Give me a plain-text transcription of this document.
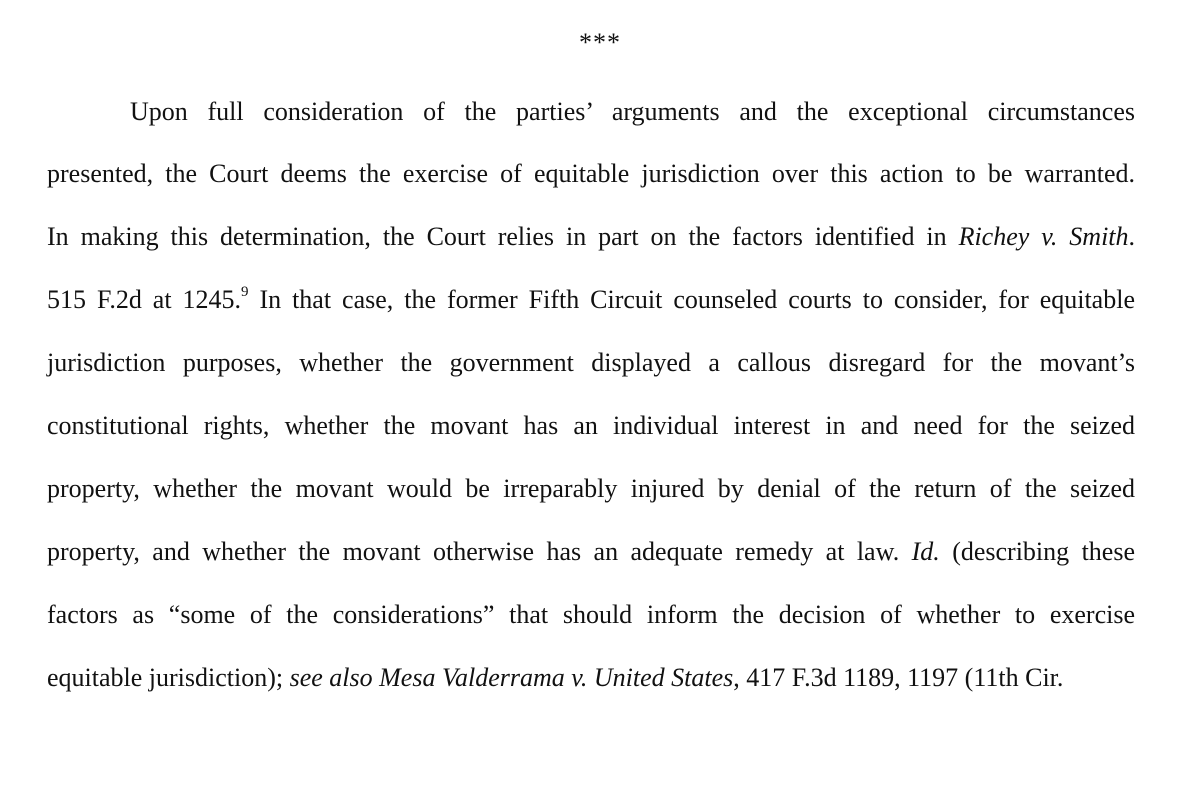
***
Upon full consideration of the parties’ arguments and the exceptional circumstances
presented, the Court deems the exercise of equitable jurisdiction over this action to be warranted.
In making this determination, the Court relies in part on the factors identified in Richey v. Smith.
515 F.2d at 1245.$^9$ In that case, the former Fifth Circuit counseled courts to consider, for equitable
jurisdiction purposes, whether the government displayed a callous disregard for the movant’s
constitutional rights, whether the movant has an individual interest in and need for the seized
property, whether the movant would be irreparably injured by denial of the return of the seized
property, and whether the movant otherwise has an adequate remedy at law. Id. (describing these
factors as “some of the considerations” that should inform the decision of whether to exercise
equitable jurisdiction); see also Mesa Valderrama v. United States, 417 F.3d 1189, 1197 (11th Cir.
